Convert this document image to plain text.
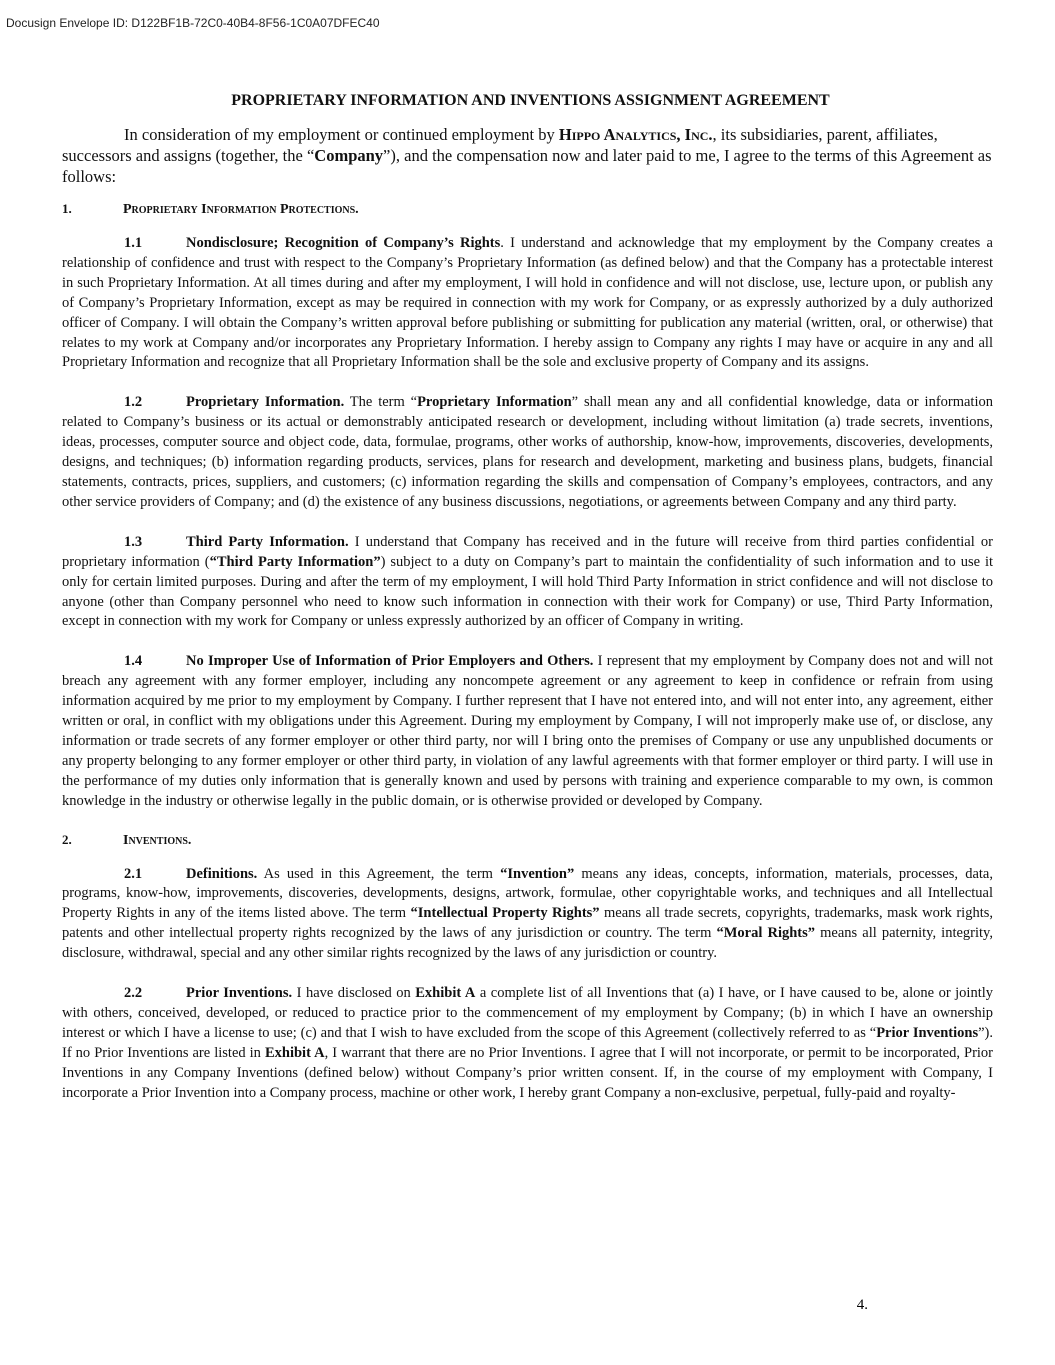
Docusign Envelope ID: D122BF1B-72C0-40B4-8F56-1C0A07DFEC40
PROPRIETARY INFORMATION AND INVENTIONS ASSIGNMENT AGREEMENT

In consideration of my employment or continued employment by Hippo Analytics, Inc., its subsidiaries, parent, affiliates, successors and assigns (together, the “Company”), and the compensation now and later paid to me, I agree to the terms of this Agreement as follows:

1.	Proprietary Information Protections.

1.1	Nondisclosure; Recognition of Company’s Rights. I understand and acknowledge that my employment by the Company creates a relationship of confidence and trust with respect to the Company’s Proprietary Information (as defined below) and that the Company has a protectable interest in such Proprietary Information. At all times during and after my employment, I will hold in confidence and will not disclose, use, lecture upon, or publish any of Company’s Proprietary Information, except as may be required in connection with my work for Company, or as expressly authorized by a duly authorized officer of Company. I will obtain the Company’s written approval before publishing or submitting for publication any material (written, oral, or otherwise) that relates to my work at Company and/or incorporates any Proprietary Information. I hereby assign to Company any rights I may have or acquire in any and all Proprietary Information and recognize that all Proprietary Information shall be the sole and exclusive property of Company and its assigns.

1.2	Proprietary Information. The term “Proprietary Information” shall mean any and all confidential knowledge, data or information related to Company’s business or its actual or demonstrably anticipated research or development, including without limitation (a) trade secrets, inventions, ideas, processes, computer source and object code, data, formulae, programs, other works of authorship, know-how, improvements, discoveries, developments, designs, and techniques; (b) information regarding products, services, plans for research and development, marketing and business plans, budgets, financial statements, contracts, prices, suppliers, and customers; (c) information regarding the skills and compensation of Company’s employees, contractors, and any other service providers of Company; and (d) the existence of any business discussions, negotiations, or agreements between Company and any third party.

1.3	Third Party Information. I understand that Company has received and in the future will receive from third parties confidential or proprietary information (“Third Party Information”) subject to a duty on Company’s part to maintain the confidentiality of such information and to use it only for certain limited purposes. During and after the term of my employment, I will hold Third Party Information in strict confidence and will not disclose to anyone (other than Company personnel who need to know such information in connection with their work for Company) or use, Third Party Information, except in connection with my work for Company or unless expressly authorized by an officer of Company in writing.

1.4	No Improper Use of Information of Prior Employers and Others. I represent that my employment by Company does not and will not breach any agreement with any former employer, including any noncompete agreement or any agreement to keep in confidence or refrain from using information acquired by me prior to my employment by Company. I further represent that I have not entered into, and will not enter into, any agreement, either written or oral, in conflict with my obligations under this Agreement. During my employment by Company, I will not improperly make use of, or disclose, any information or trade secrets of any former employer or other third party, nor will I bring onto the premises of Company or use any unpublished documents or any property belonging to any former employer or other third party, in violation of any lawful agreements with that former employer or third party. I will use in the performance of my duties only information that is generally known and used by persons with training and experience comparable to my own, is common knowledge in the industry or otherwise legally in the public domain, or is otherwise provided or developed by Company.

2.	Inventions.

2.1	Definitions. As used in this Agreement, the term “Invention” means any ideas, concepts, information, materials, processes, data, programs, know-how, improvements, discoveries, developments, designs, artwork, formulae, other copyrightable works, and techniques and all Intellectual Property Rights in any of the items listed above. The term “Intellectual Property Rights” means all trade secrets, copyrights, trademarks, mask work rights, patents and other intellectual property rights recognized by the laws of any jurisdiction or country. The term “Moral Rights” means all paternity, integrity, disclosure, withdrawal, special and any other similar rights recognized by the laws of any jurisdiction or country.

2.2	Prior Inventions. I have disclosed on Exhibit A a complete list of all Inventions that (a) I have, or I have caused to be, alone or jointly with others, conceived, developed, or reduced to practice prior to the commencement of my employment by Company; (b) in which I have an ownership interest or which I have a license to use; (c) and that I wish to have excluded from the scope of this Agreement (collectively referred to as “Prior Inventions”). If no Prior Inventions are listed in Exhibit A, I warrant that there are no Prior Inventions. I agree that I will not incorporate, or permit to be incorporated, Prior Inventions in any Company Inventions (defined below) without Company’s prior written consent. If, in the course of my employment with Company, I incorporate a Prior Invention into a Company process, machine or other work, I hereby grant Company a non-exclusive, perpetual, fully-paid and royalty-

4.
